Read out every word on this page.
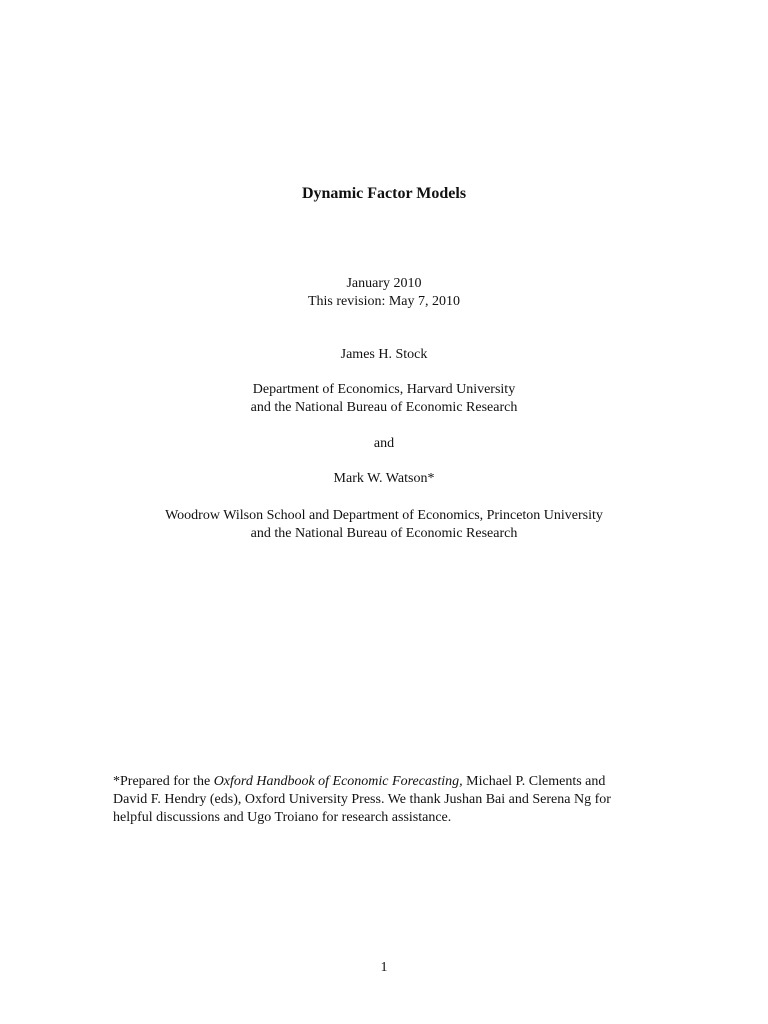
Dynamic Factor Models
January 2010
This revision: May 7, 2010
James H. Stock
Department of Economics, Harvard University
and the National Bureau of Economic Research
and
Mark W. Watson*
Woodrow Wilson School and Department of Economics, Princeton University
and the National Bureau of Economic Research
*Prepared for the Oxford Handbook of Economic Forecasting, Michael P. Clements and
David F. Hendry (eds), Oxford University Press. We thank Jushan Bai and Serena Ng for
helpful discussions and Ugo Troiano for research assistance.
1
